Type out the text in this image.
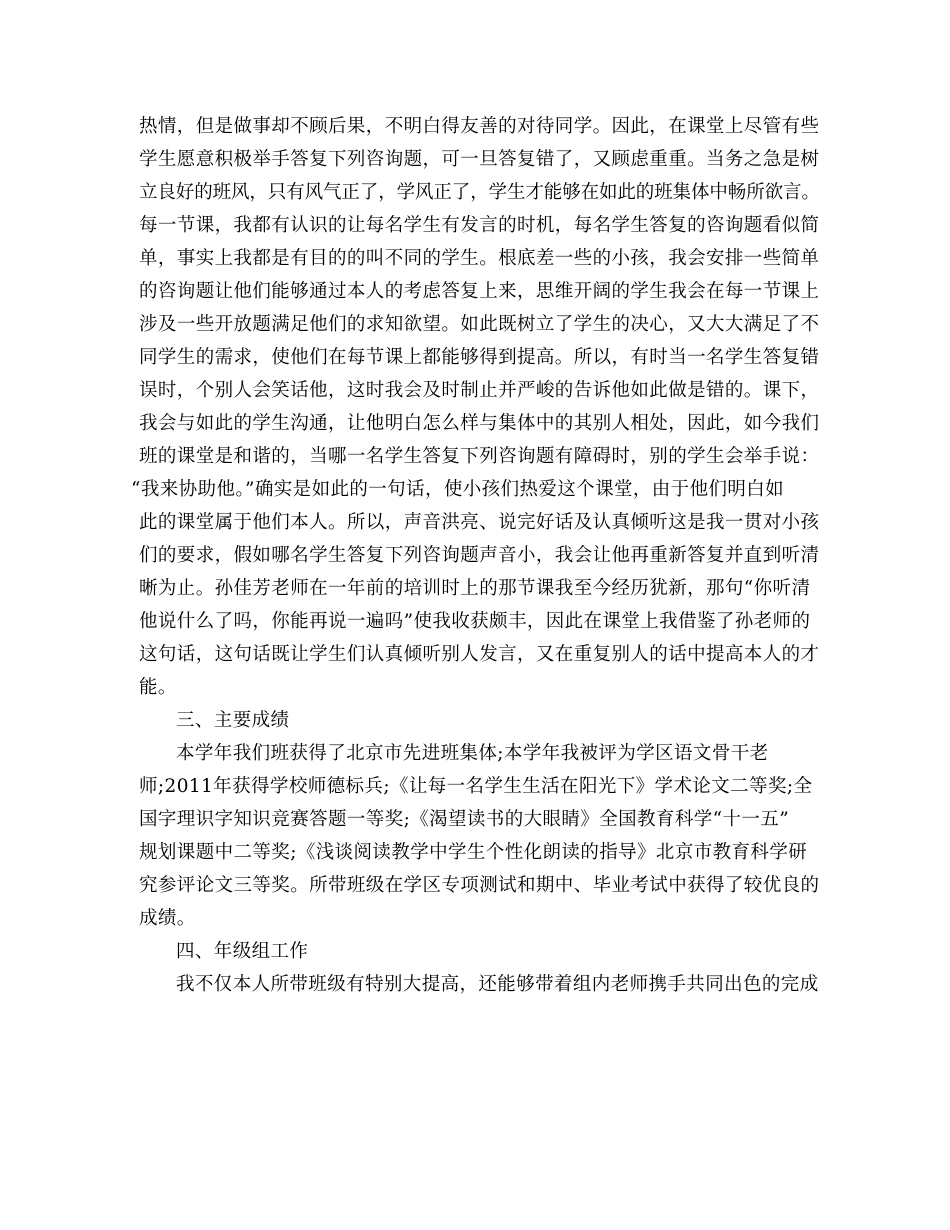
热情，但是做事却不顾后果，不明白得友善的对待同学。因此，在课堂上尽管有些
学生愿意积极举手答复下列咨询题，可一旦答复错了，又顾虑重重。当务之急是树
立良好的班风，只有风气正了，学风正了，学生才能够在如此的班集体中畅所欲言。
每一节课，我都有认识的让每名学生有发言的时机，每名学生答复的咨询题看似简
单，事实上我都是有目的的叫不同的学生。根底差一些的小孩，我会安排一些简单
的咨询题让他们能够通过本人的考虑答复上来，思维开阔的学生我会在每一节课上
涉及一些开放题满足他们的求知欲望。如此既树立了学生的决心，又大大满足了不
同学生的需求，使他们在每节课上都能够得到提高。所以，有时当一名学生答复错
误时，个别人会笑话他，这时我会及时制止并严峻的告诉他如此做是错的。课下，
我会与如此的学生沟通，让他明白怎么样与集体中的其别人相处，因此，如今我们
班的课堂是和谐的，当哪一名学生答复下列咨询题有障碍时，别的学生会举手说：
“我来协助他。”确实是如此的一句话，使小孩们热爱这个课堂，由于他们明白如
此的课堂属于他们本人。所以，声音洪亮、说完好话及认真倾听这是我一贯对小孩
们的要求，假如哪名学生答复下列咨询题声音小，我会让他再重新答复并直到听清
晰为止。孙佳芳老师在一年前的培训时上的那节课我至今经历犹新，那句“你听清
他说什么了吗，你能再说一遍吗”使我收获颇丰，因此在课堂上我借鉴了孙老师的
这句话，这句话既让学生们认真倾听别人发言，又在重复别人的话中提高本人的才
能。
三、主要成绩
本学年我们班获得了北京市先进班集体;本学年我被评为学区语文骨干老
师;2011年获得学校师德标兵;《让每一名学生生活在阳光下》学术论文二等奖;全
国字理识字知识竞赛答题一等奖;《渴望读书的大眼睛》全国教育科学“十一五”
规划课题中二等奖;《浅谈阅读教学中学生个性化朗读的指导》北京市教育科学研
究参评论文三等奖。所带班级在学区专项测试和期中、毕业考试中获得了较优良的
成绩。
四、年级组工作
我不仅本人所带班级有特别大提高，还能够带着组内老师携手共同出色的完成
